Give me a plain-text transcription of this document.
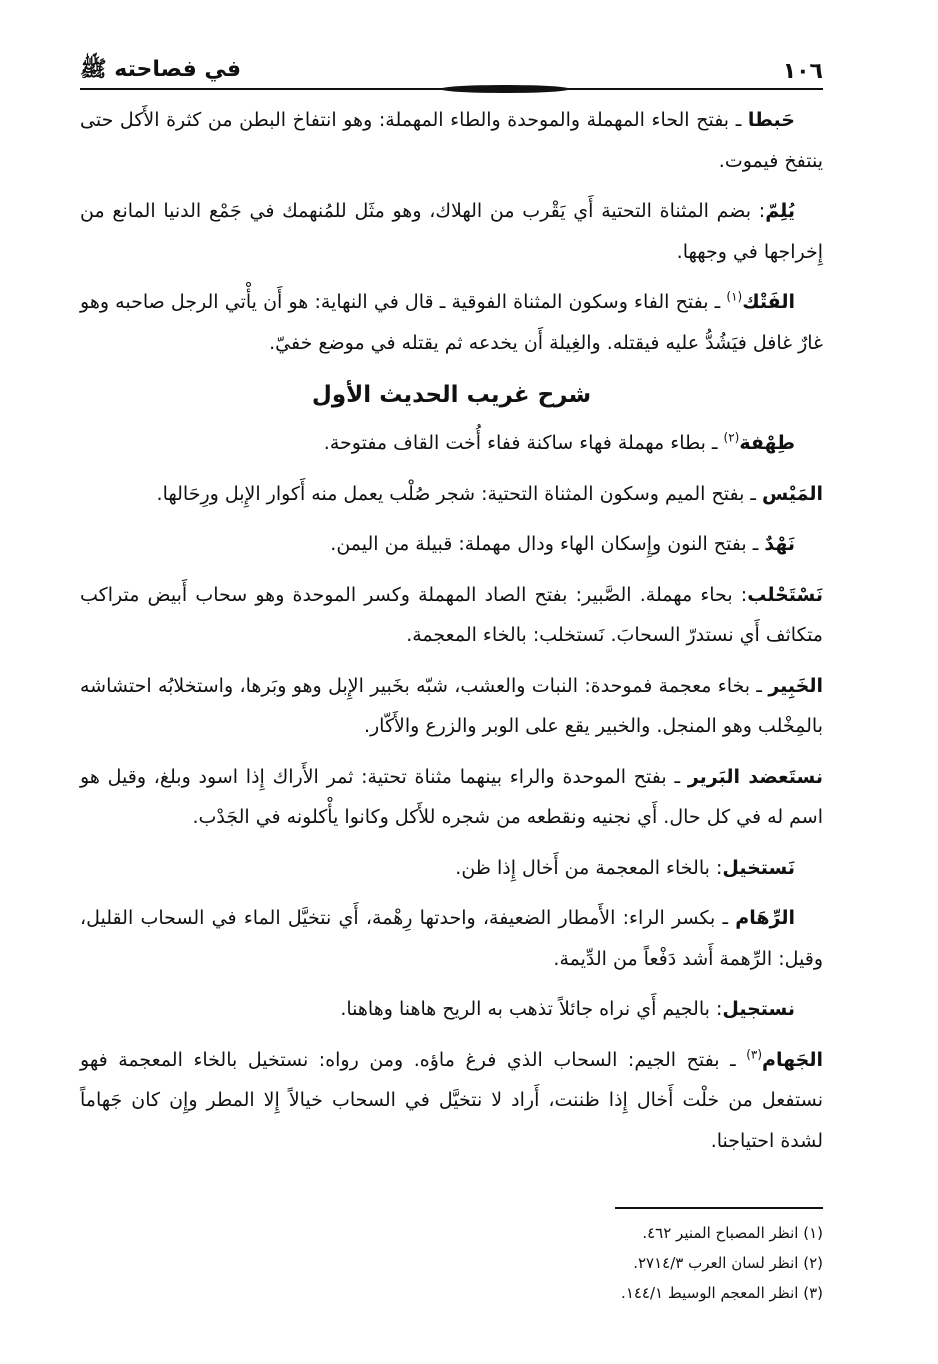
١٠٦
في فصاحته ﷺ

حَبطا ـ بفتح الحاء المهملة والموحدة والطاء المهملة: وهو انتفاخ البطن من كثرة الأَكل حتى ينتفخ فيموت.

يُلِمّ: بضم المثناة التحتية أَي يَقْرب من الهلاك، وهو مثَل للمُنهمك في جَمْع الدنيا المانع من إِخراجها في وجهها.

الفَتْك$^{(١)}$ ـ بفتح الفاء وسكون المثناة الفوقية ـ قال في النهاية: هو أَن يأْتي الرجل صاحبه وهو غارٌ غافل فيَشُدُّ عليه فيقتله. والغِيلة أَن يخدعه ثم يقتله في موضع خفيّ.

شرح غريب الحديث الأول

طِهْفة$^{(٢)}$ ـ بطاء مهملة فهاء ساكنة ففاء أُخت القاف مفتوحة.

المَيْس ـ بفتح الميم وسكون المثناة التحتية: شجر صُلْب يعمل منه أَكوار الإِبل ورِحَالها.

نَهْدٌ ـ بفتح النون وإِسكان الهاء ودال مهملة: قبيلة من اليمن.

نَسْتَحْلب: بحاء مهملة. الصَّبير: بفتح الصاد المهملة وكسر الموحدة وهو سحاب أَبيض متراكب متكاثف أَي نستدرّ السحابَ. نَستخلب: بالخاء المعجمة.

الخَبِير ـ بخاء معجمة فموحدة: النبات والعشب، شبّه بخَبير الإِبل وهو وبَرها، واستخلابُه احتشاشه بالمِخْلب وهو المنجل. والخبير يقع على الوبر والزرع والأَكّار.

نستَعضد البَرير ـ بفتح الموحدة والراء بينهما مثناة تحتية: ثمر الأَراك إِذا اسود وبلغ، وقيل هو اسم له في كل حال. أَي نجنيه ونقطعه من شجره للأَكل وكانوا يأْكلونه في الجَدْب.

نَستخيل: بالخاء المعجمة من أَخال إِذا ظن.

الرِّهَام ـ بكسر الراء: الأَمطار الضعيفة، واحدتها رِهْمة، أَي نتخيَّل الماء في السحاب القليل، وقيل: الرِّهمة أَشد دَفْعاً من الدِّيمة.

نستجيل: بالجيم أَي نراه جائلاً تذهب به الريح هاهنا وهاهنا.

الجَهام$^{(٣)}$ ـ بفتح الجيم: السحاب الذي فرغ ماؤه. ومن رواه: نستخيل بالخاء المعجمة فهو نستفعل من خلْت أَخال إِذا ظننت، أَراد لا نتخيَّل في السحاب خيالاً إِلا المطر وإِن كان جَهاماً لشدة احتياجنا.

(١) انظر المصباح المنير ٤٦٢.
(٢) انظر لسان العرب ٢٧١٤/٣.
(٣) انظر المعجم الوسيط ١٤٤/١.
